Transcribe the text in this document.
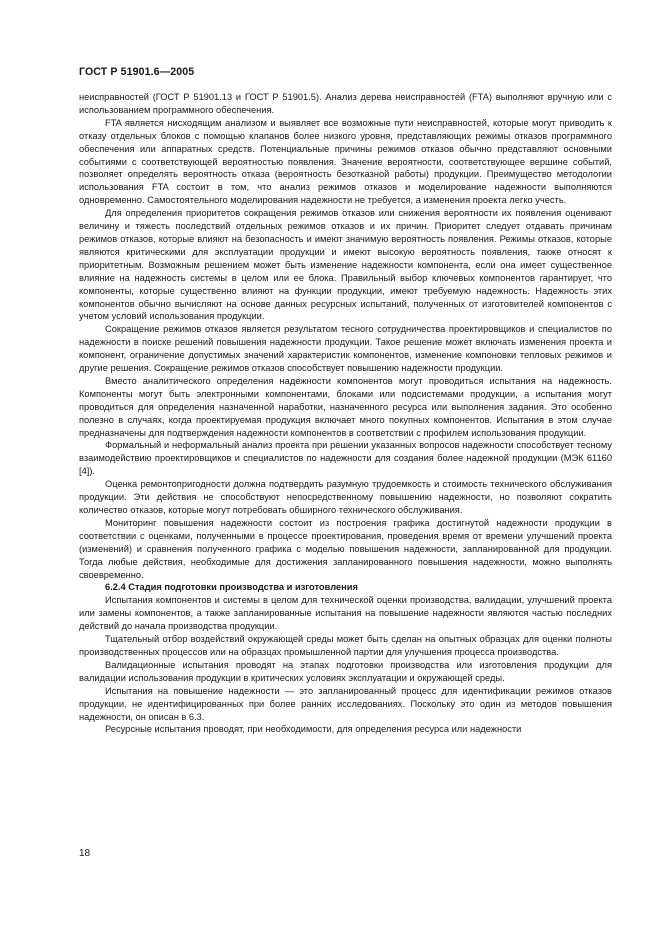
ГОСТ Р 51901.6—2005

неисправностей (ГОСТ Р 51901.13 и ГОСТ Р 51901.5). Анализ дерева неисправностей (FTA) выполняют вручную или с использованием программного обеспечения.

FTA является нисходящим анализом и выявляет все возможные пути неисправностей, которые могут приводить к отказу отдельных блоков с помощью клапанов более низкого уровня, представляющих режимы отказов программного обеспечения или аппаратных средств. Потенциальные причины режимов отказов обычно представляют основными событиями с соответствующей вероятностью появления. Значение вероятности, соответствующее вершине событий, позволяет определять вероятность отказа (вероятность безотказной работы) продукции. Преимущество методологии использования FTA состоит в том, что анализ режимов отказов и моделирование надежности выполняются одновременно. Самостоятельного моделирования надежности не требуется, а изменения проекта легко учесть.

Для определения приоритетов сокращения режимов отказов или снижения вероятности их появления оценивают величину и тяжесть последствий отдельных режимов отказов и их причин. Приоритет следует отдавать причинам режимов отказов, которые влияют на безопасность и имеют значимую вероятность появления. Режимы отказов, которые являются критическими для эксплуатации продукции и имеют высокую вероятность появления, также относят к приоритетным. Возможным решением может быть изменение надежности компонента, если она имеет существенное влияние на надежность системы в целом или ее блока. Правильный выбор ключевых компонентов гарантирует, что компоненты, которые существенно влияют на функции продукции, имеют требуемую надежность. Надежность этих компонентов обычно вычисляют на основе данных ресурсных испытаний, полученных от изготовителей компонентов с учетом условий использования продукции.

Сокращение режимов отказов является результатом тесного сотрудничества проектировщиков и специалистов по надежности в поиске решений повышения надежности продукции. Такое решение может включать изменения проекта и компонент, ограничение допустимых значений характеристик компонентов, изменение компоновки тепловых режимов и другие решения. Сокращение режимов отказов способствует повышению надежности продукции.

Вместо аналитического определения надежности компонентов могут проводиться испытания на надежность. Компоненты могут быть электронными компонентами, блоками или подсистемами продукции, а испытания могут проводиться для определения назначенной наработки, назначенного ресурса или выполнения задания. Это особенно полезно в случаях, когда проектируемая продукция включает много покупных компонентов. Испытания в этом случае предназначены для подтверждения надежности компонентов в соответствии с профилем использования продукции.

Формальный и неформальный анализ проекта при решении указанных вопросов надежности способствует тесному взаимодействию проектировщиков и специалистов по надежности для создания более надежной продукции (МЭК 61160 [4]).

Оценка ремонтопригодности должна подтвердить разумную трудоемкость и стоимость технического обслуживания продукции. Эти действия не способствуют непосредственному повышению надежности, но позволяют сократить количество отказов, которые могут потребовать обширного технического обслуживания.

Мониторинг повышения надежности состоит из построения графика достигнутой надежности продукции в соответствии с оценками, полученными в процессе проектирования, проведения время от времени улучшений проекта (изменений) и сравнения полученного графика с моделью повышения надежности, запланированной для продукции. Тогда любые действия, необходимые для достижения запланированного повышения надежности, можно выполнять своевременно.

6.2.4 Стадия подготовки производства и изготовления

Испытания компонентов и системы в целом для технической оценки производства, валидации, улучшений проекта или замены компонентов, а также запланированные испытания на повышение надежности являются частью последних действий до начала производства продукции.

Тщательный отбор воздействий окружающей среды может быть сделан на опытных образцах для оценки полноты производственных процессов или на образцах промышленной партии для улучшения процесса производства.

Валидационные испытания проводят на этапах подготовки производства или изготовления продукции для валидации использования продукции в критических условиях эксплуатации и окружающей среды.

Испытания на повышение надежности — это запланированный процесс для идентификации режимов отказов продукции, не идентифицированных при более ранних исследованиях. Поскольку это один из методов повышения надежности, он описан в 6.3.

Ресурсные испытания проводят, при необходимости, для определения ресурса или надежности

18
